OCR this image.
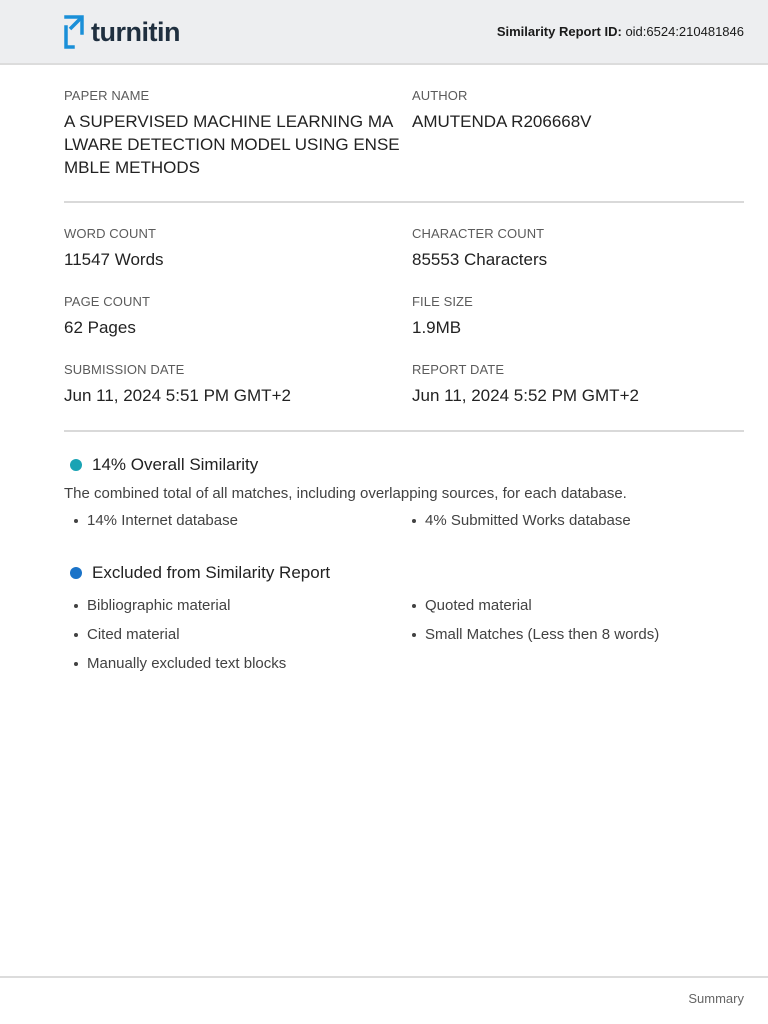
turnitin	Similarity Report ID: oid:6524:210481846
PAPER NAME
A SUPERVISED MACHINE LEARNING MALWARE DETECTION MODEL USING ENSEMBLE METHODS
AUTHOR
AMUTENDA R206668V
WORD COUNT
11547 Words
CHARACTER COUNT
85553 Characters
PAGE COUNT
62 Pages
FILE SIZE
1.9MB
SUBMISSION DATE
Jun 11, 2024 5:51 PM GMT+2
REPORT DATE
Jun 11, 2024 5:52 PM GMT+2
14% Overall Similarity
The combined total of all matches, including overlapping sources, for each database.
14% Internet database	4% Submitted Works database
Excluded from Similarity Report
Bibliographic material	Quoted material
Cited material	Small Matches (Less then 8 words)
Manually excluded text blocks
Summary
